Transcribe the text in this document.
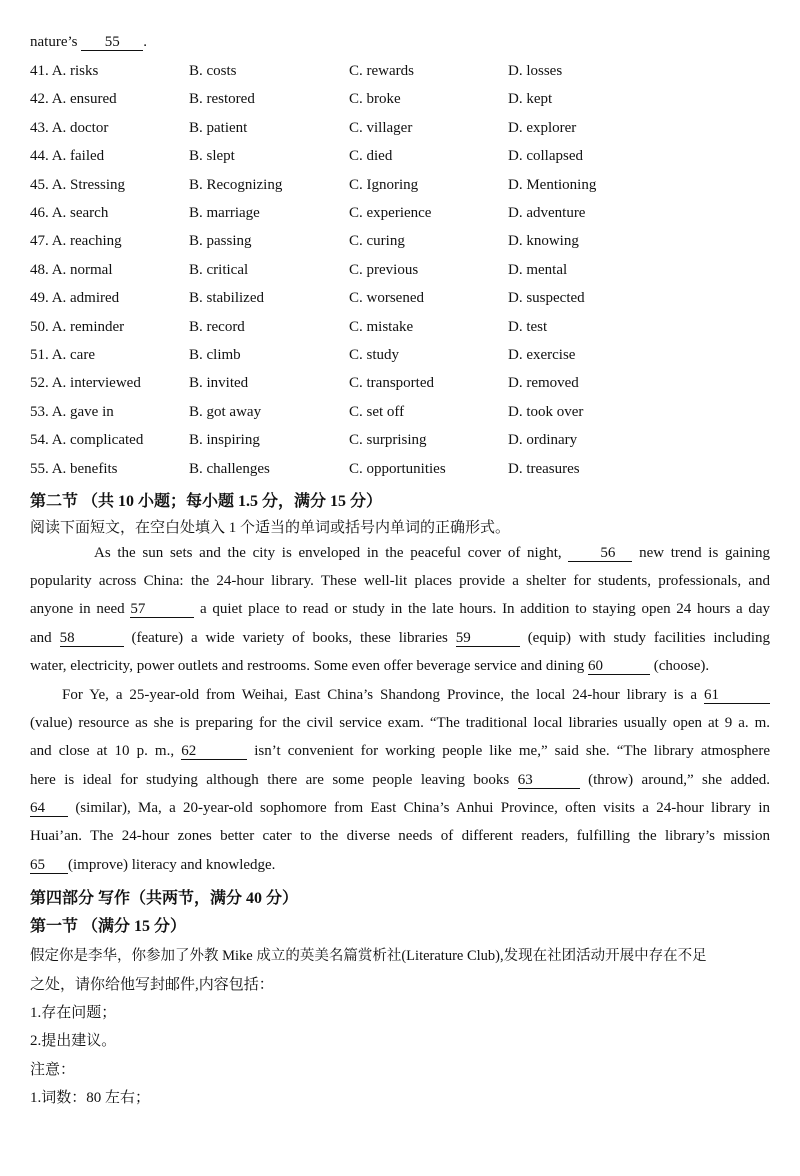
nature’s 55 .
41. A. risks	B. costs	C. rewards	D. losses
42. A. ensured	B. restored	C. broke	D. kept
43. A. doctor	B. patient	C. villager	D. explorer
44. A. failed	B. slept	C. died	D. collapsed
45. A. Stressing	B. Recognizing	C. Ignoring	D. Mentioning
46. A. search	B. marriage	C. experience	D. adventure
47. A. reaching	B. passing	C. curing	D. knowing
48. A. normal	B. critical	C. previous	D. mental
49. A. admired	B. stabilized	C. worsened	D. suspected
50. A. reminder	B. record	C. mistake	D. test
51. A. care	B. climb	C. study	D. exercise
52. A. interviewed	B. invited	C. transported	D. removed
53. A. gave in	B. got away	C. set off	D. took over
54. A. complicated	B. inspiring	C. surprising	D. ordinary
55. A. benefits	B. challenges	C. opportunities	D. treasures
第二节 （共 10 小题；每小题 1.5 分，满分 15 分）
阅读下面短文，在空白处填入 1 个适当的单词或括号内单词的正确形式。
As the sun sets and the city is enveloped in the peaceful cover of night,	56 new trend is gaining
popularity across China: the 24-hour library. These well-lit places provide a shelter for students, professionals, and
anyone in need 57	a quiet place to read or study in the late hours. In addition to staying open 24 hours a day
and 58	(feature) a wide variety of books, these libraries 59	(equip) with study facilities including
water, electricity, power outlets and restrooms. Some even offer beverage service and dining 60	(choose).
For Ye, a 25-year-old from Weihai, East China’s Shandong Province, the local 24-hour library is a 61
(value) resource as she is preparing for the civil service exam. “The traditional local libraries usually open at 9 a. m.
and close at 10 p. m., 62	isn’t convenient for working people like me,” said she. “The library atmosphere
here is ideal for studying although there are some people leaving books 63	(throw) around,” she added.
64 (similar), Ma, a 20-year-old sophomore from East China’s Anhui Province, often visits a 24-hour library in
Huai’an. The 24-hour zones better cater to the diverse needs of different readers, fulfilling the library’s mission
65 (improve) literacy and knowledge.
第四部分 写作（共两节，满分 40 分）
第一节 （满分 15 分）
假定你是李华，你参加了外教 Mike 成立的英美名篇赏析社(Literature Club),发现在社团活动开展中存在不足
之处，请你给他写封邮件,内容包括：
1.存在问题；
2.提出建议。
注意：
1.词数：80 左右；
